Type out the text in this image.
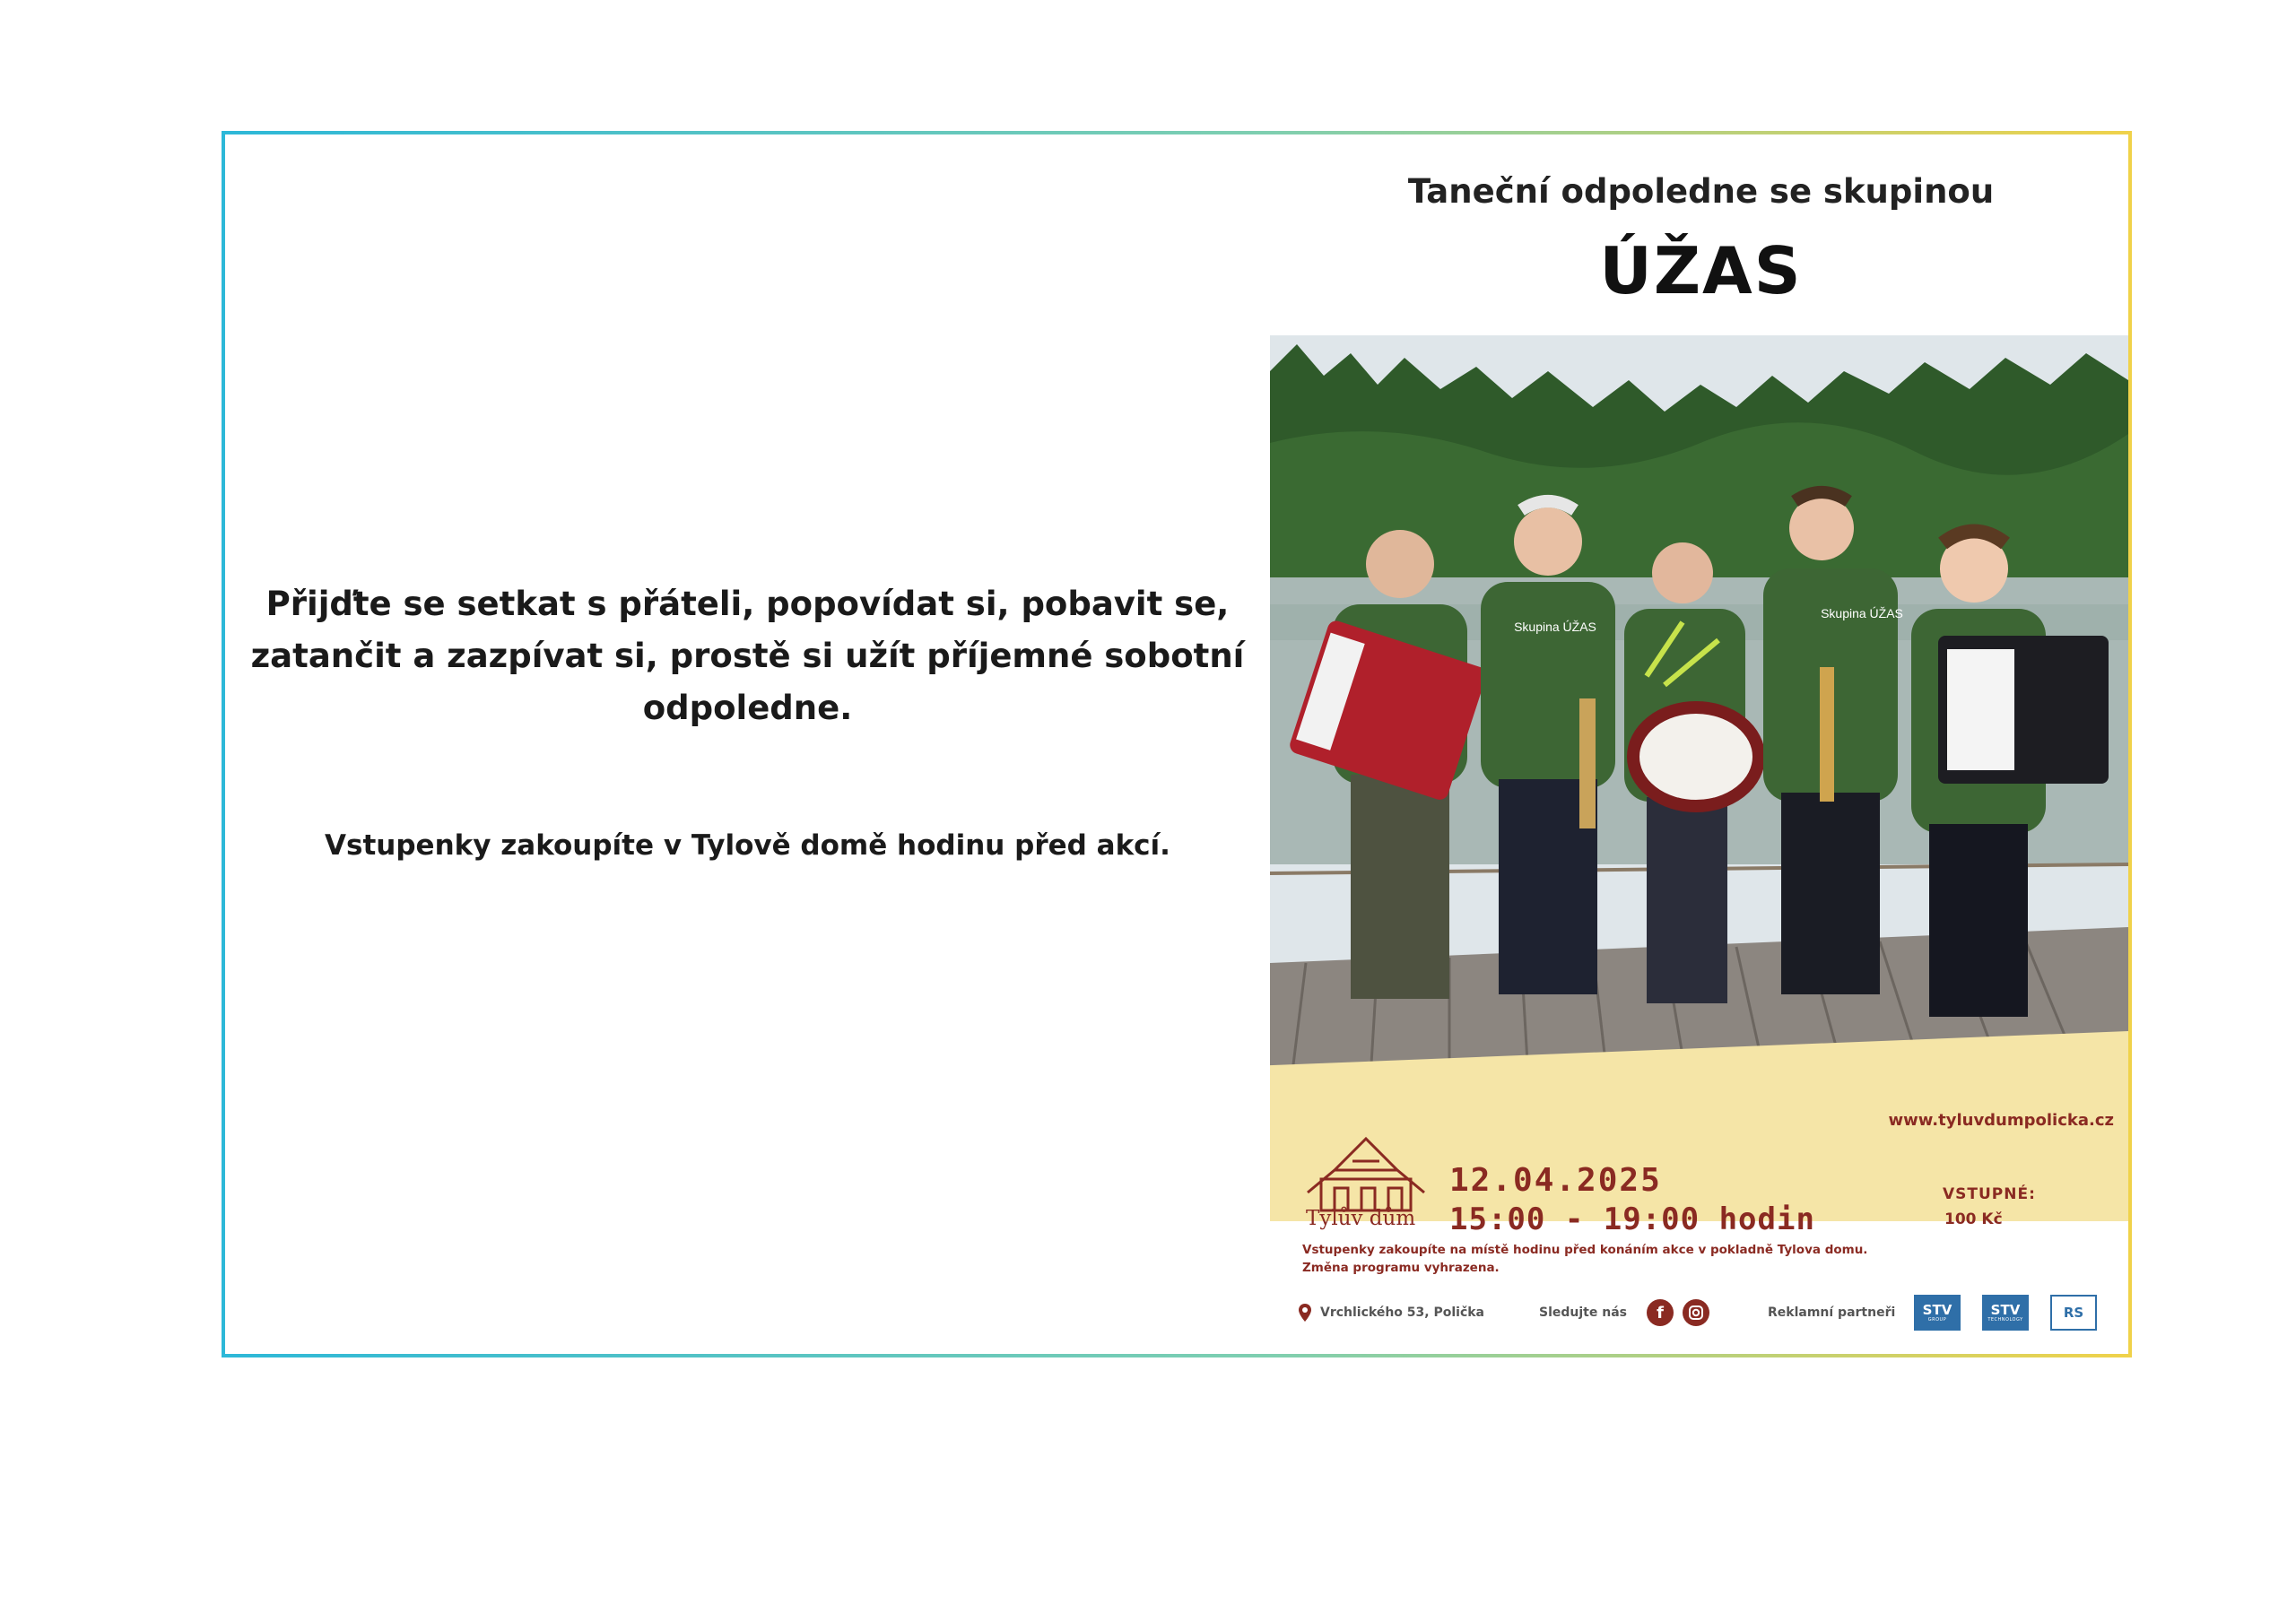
Přijďte se setkat s přáteli, popovídat si, pobavit se, zatančit a zazpívat si, prostě si užít příjemné sobotní odpoledne.

Vstupenky zakoupíte v Tylově domě hodinu před akcí.

Taneční odpoledne se skupinou
ÚŽAS
Skupina ÚŽAS
Skupina ÚŽAS
www.tyluvdumpolicka.cz
Tylův dům
12.04.2025
15:00 - 19:00 hodin
VSTUPNÉ:
100 Kč
Vstupenky zakoupíte na místě hodinu před konáním akce v pokladně Tylova domu.
Změna programu vyhrazena.
Vrchlického 53, Polička	Sledujte nás	f	Reklamní partneři STV
GROUP
STV
TECHNOLOGY	RS
